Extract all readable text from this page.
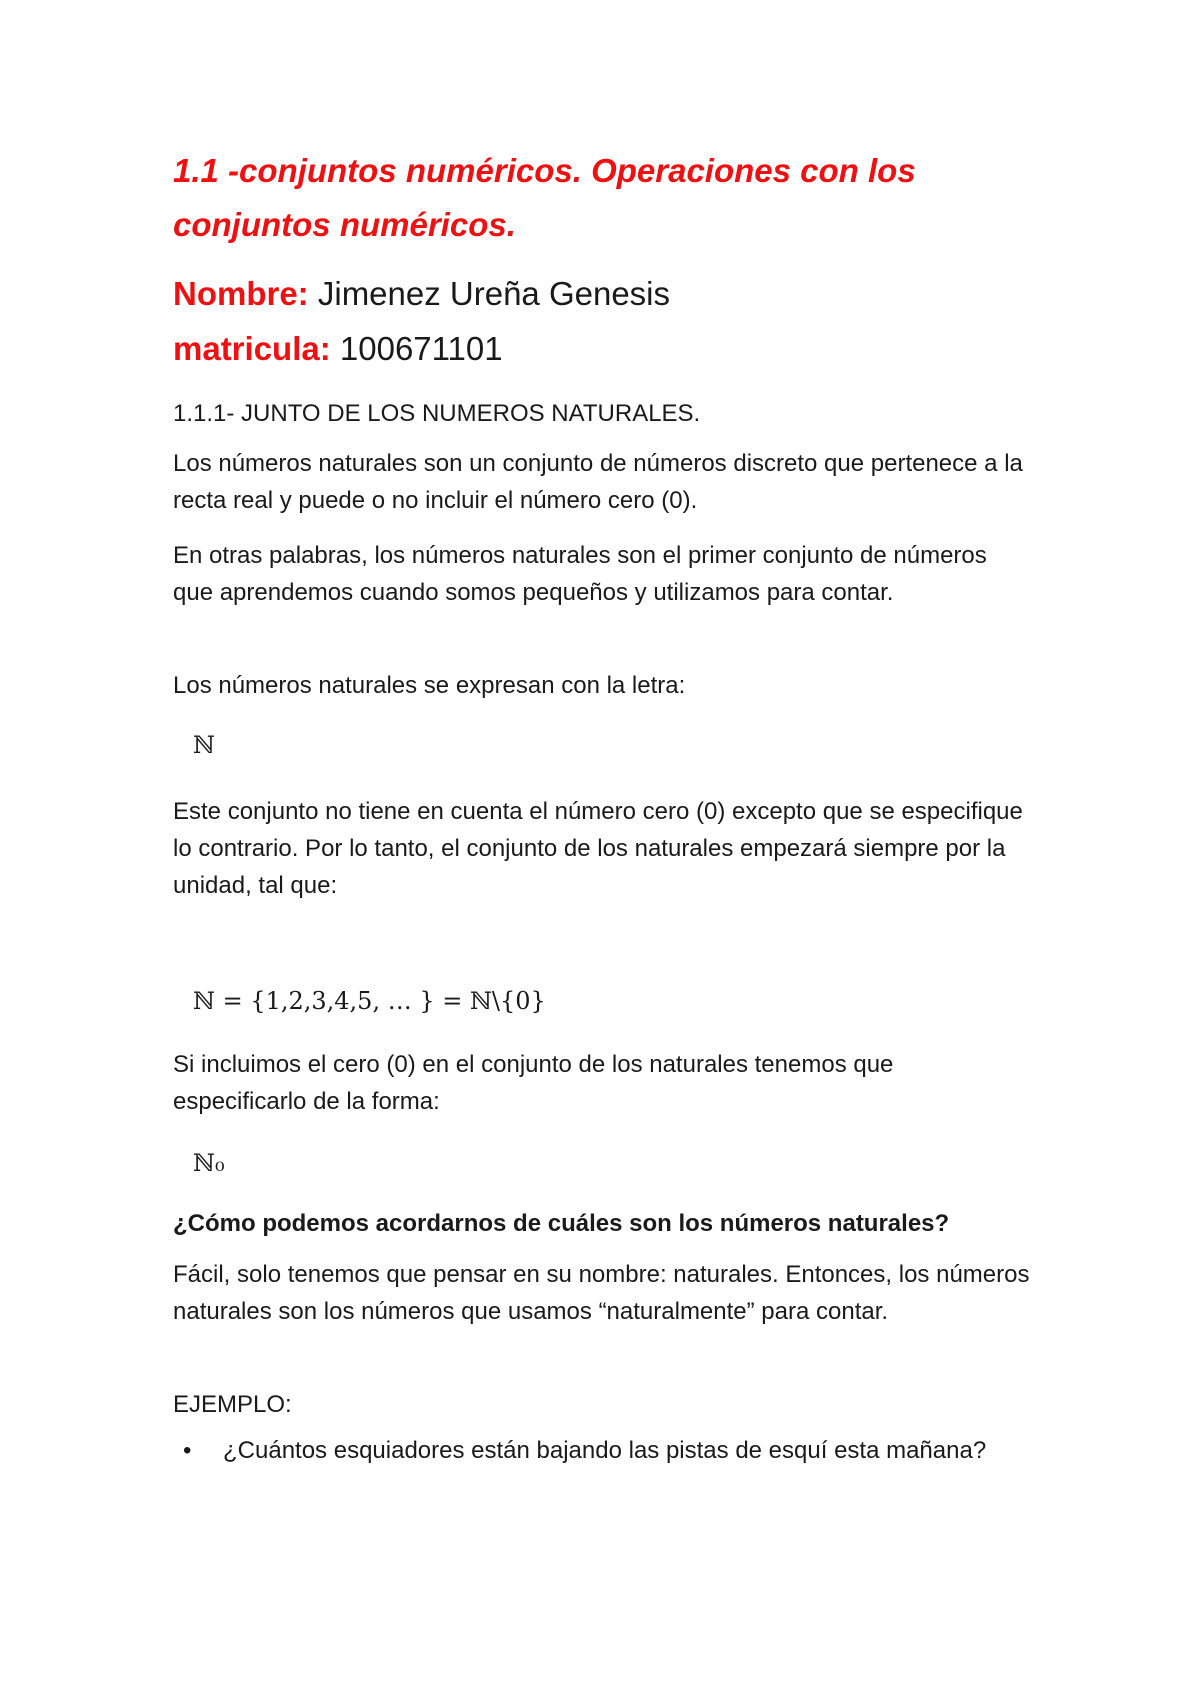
1.1 -conjuntos numéricos. Operaciones con los conjuntos numéricos.

Nombre: Jimenez Ureña Genesis

matricula: 100671101

1.1.1- JUNTO DE LOS NUMEROS NATURALES.

Los números naturales son un conjunto de números discreto que pertenece a la recta real y puede o no incluir el número cero (0).

En otras palabras, los números naturales son el primer conjunto de números que aprendemos cuando somos pequeños y utilizamos para contar.

Los números naturales se expresan con la letra:

ℕ

Este conjunto no tiene en cuenta el número cero (0) excepto que se especifique lo contrario. Por lo tanto, el conjunto de los naturales empezará siempre por la unidad, tal que:

ℕ = {1,2,3,4,5, … } = ℕ\{0}

Si incluimos el cero (0) en el conjunto de los naturales tenemos que especificarlo de la forma:

ℕ₀

¿Cómo podemos acordarnos de cuáles son los números naturales?

Fácil, solo tenemos que pensar en su nombre: naturales. Entonces, los números naturales son los números que usamos “naturalmente” para contar.

EJEMPLO:

• ¿Cuántos esquiadores están bajando las pistas de esquí esta mañana?
